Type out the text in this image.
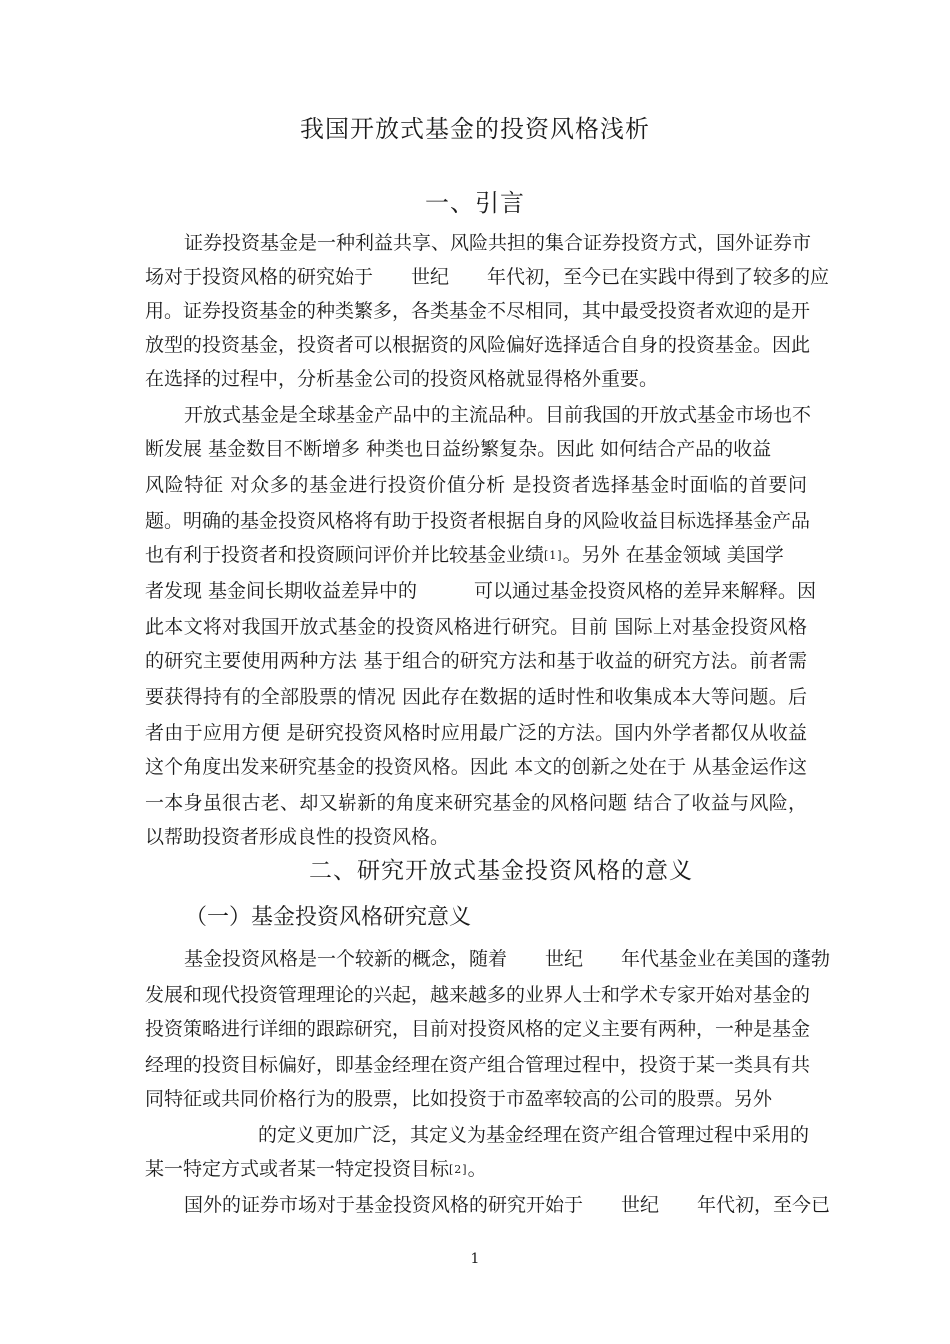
我国开放式基金的投资风格浅析
一、引言
证券投资基金是一种利益共享、风险共担的集合证券投资方式，国外证券市
场对于投资风格的研究始于　　世纪　　年代初，至今已在实践中得到了较多的应
用。证券投资基金的种类繁多，各类基金不尽相同，其中最受投资者欢迎的是开
放型的投资基金，投资者可以根据资的风险偏好选择适合自身的投资基金。因此
在选择的过程中，分析基金公司的投资风格就显得格外重要。
开放式基金是全球基金产品中的主流品种。目前我国的开放式基金市场也不
断发展 基金数目不断增多 种类也日益纷繁复杂。因此 如何结合产品的收益
风险特征 对众多的基金进行投资价值分析 是投资者选择基金时面临的首要问
题。明确的基金投资风格将有助于投资者根据自身的风险收益目标选择基金产品
也有利于投资者和投资顾问评价并比较基金业绩[1]。另外 在基金领域 美国学
者发现 基金间长期收益差异中的　　　可以通过基金投资风格的差异来解释。因
此本文将对我国开放式基金的投资风格进行研究。目前 国际上对基金投资风格
的研究主要使用两种方法 基于组合的研究方法和基于收益的研究方法。前者需
要获得持有的全部股票的情况 因此存在数据的适时性和收集成本大等问题。后
者由于应用方便 是研究投资风格时应用最广泛的方法。国内外学者都仅从收益
这个角度出发来研究基金的投资风格。因此 本文的创新之处在于 从基金运作这
一本身虽很古老、却又崭新的角度来研究基金的风格问题 结合了收益与风险，
以帮助投资者形成良性的投资风格。
二、研究开放式基金投资风格的意义
（一）基金投资风格研究意义
基金投资风格是一个较新的概念，随着　　世纪　　年代基金业在美国的蓬勃
发展和现代投资管理理论的兴起，越来越多的业界人士和学术专家开始对基金的
投资策略进行详细的跟踪研究，目前对投资风格的定义主要有两种，一种是基金
经理的投资目标偏好，即基金经理在资产组合管理过程中，投资于某一类具有共
同特征或共同价格行为的股票，比如投资于市盈率较高的公司的股票。另外
的定义更加广泛，其定义为基金经理在资产组合管理过程中采用的
某一特定方式或者某一特定投资目标[2]。
国外的证券市场对于基金投资风格的研究开始于　　世纪　　年代初，至今已
1
